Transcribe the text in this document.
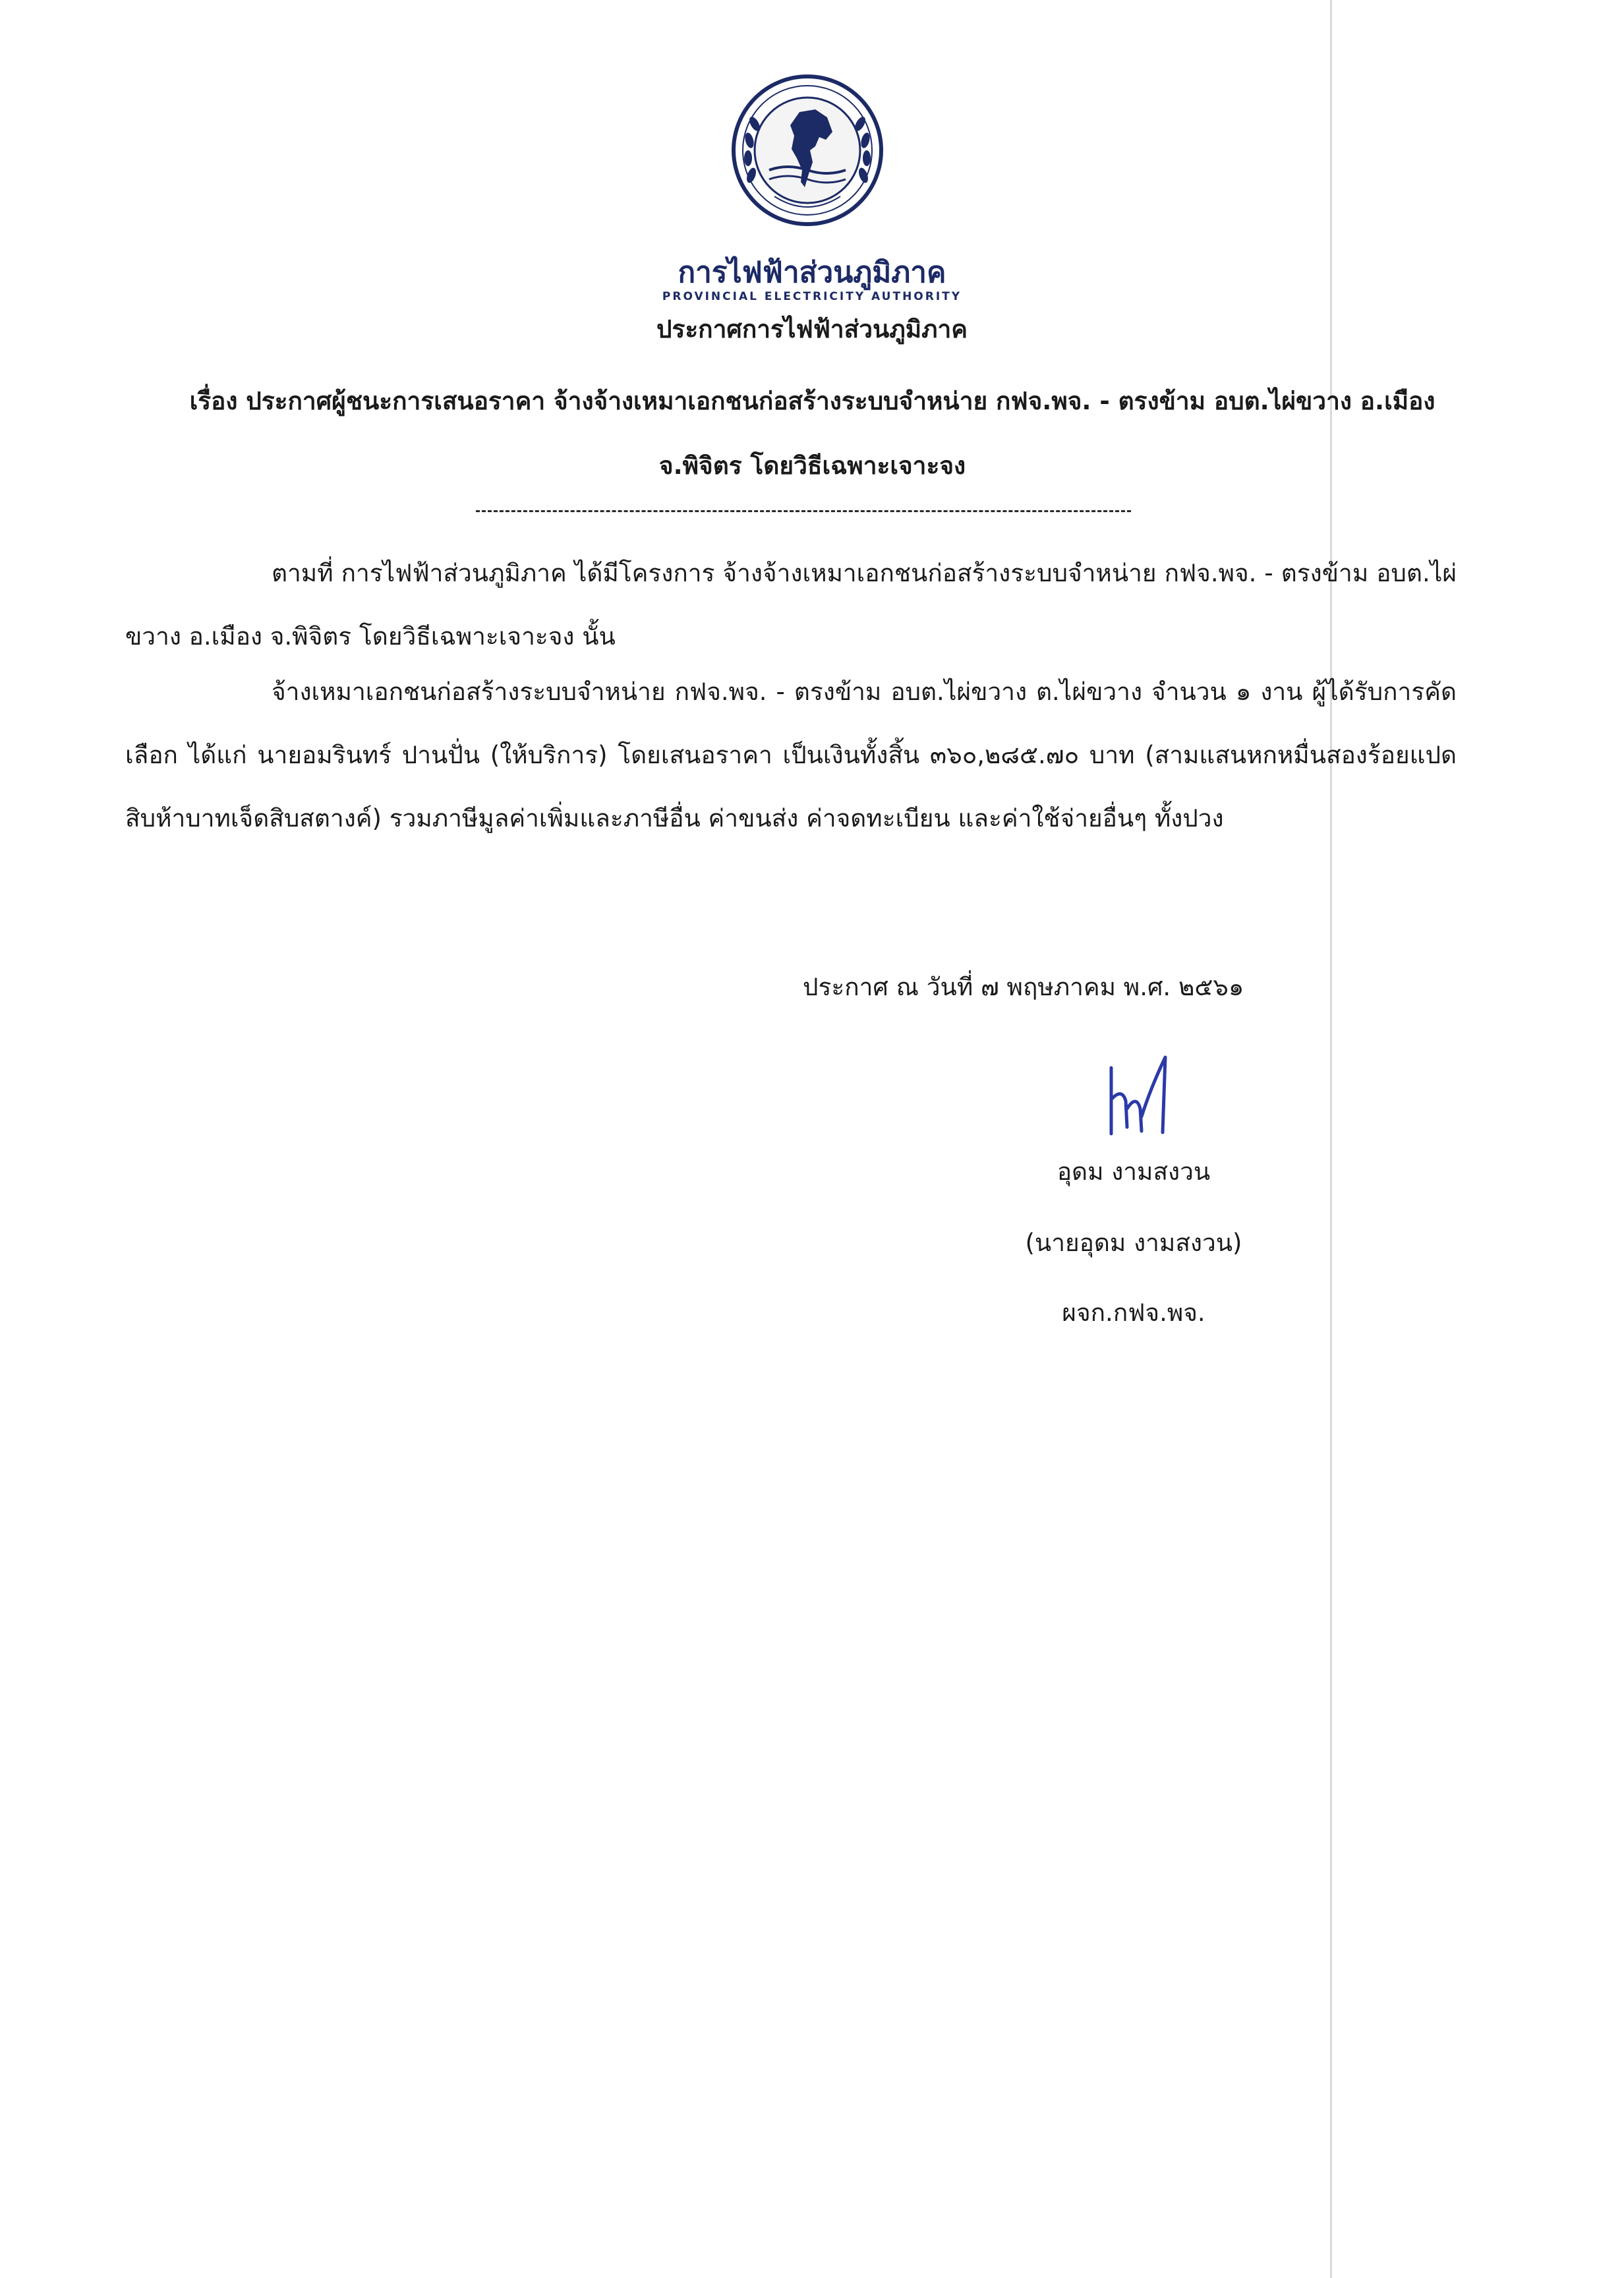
การไฟฟ้าส่วนภูมิภาค
PROVINCIAL ELECTRICITY AUTHORITY
ประกาศการไฟฟ้าส่วนภูมิภาค
เรื่อง ประกาศผู้ชนะการเสนอราคา จ้างจ้างเหมาเอกชนก่อสร้างระบบจำหน่าย กฟจ.พจ. - ตรงข้าม อบต.ไผ่ขวาง อ.เมือง จ.พิจิตร โดยวิธีเฉพาะเจาะจง
ตามที่ การไฟฟ้าส่วนภูมิภาค ได้มีโครงการ จ้างจ้างเหมาเอกชนก่อสร้างระบบจำหน่าย กฟจ.พจ. - ตรงข้าม อบต.ไผ่ขวาง อ.เมือง จ.พิจิตร โดยวิธีเฉพาะเจาะจง นั้น
จ้างเหมาเอกชนก่อสร้างระบบจำหน่าย กฟจ.พจ. - ตรงข้าม อบต.ไผ่ขวาง ต.ไผ่ขวาง จำนวน ๑ งาน ผู้ได้รับการคัดเลือก ได้แก่ นายอมรินทร์ ปานปั่น (ให้บริการ) โดยเสนอราคา เป็นเงินทั้งสิ้น ๓๖๐,๒๘๕.๗๐ บาท (สามแสนหกหมื่นสองร้อยแปดสิบห้าบาทเจ็ดสิบสตางค์) รวมภาษีมูลค่าเพิ่มและภาษีอื่น ค่าขนส่ง ค่าจดทะเบียน และค่าใช้จ่ายอื่นๆ ทั้งปวง
ประกาศ ณ วันที่ ๗ พฤษภาคม พ.ศ. ๒๕๖๑
อุดม งามสงวน
(นายอุดม งามสงวน)
ผจก.กฟจ.พจ.
